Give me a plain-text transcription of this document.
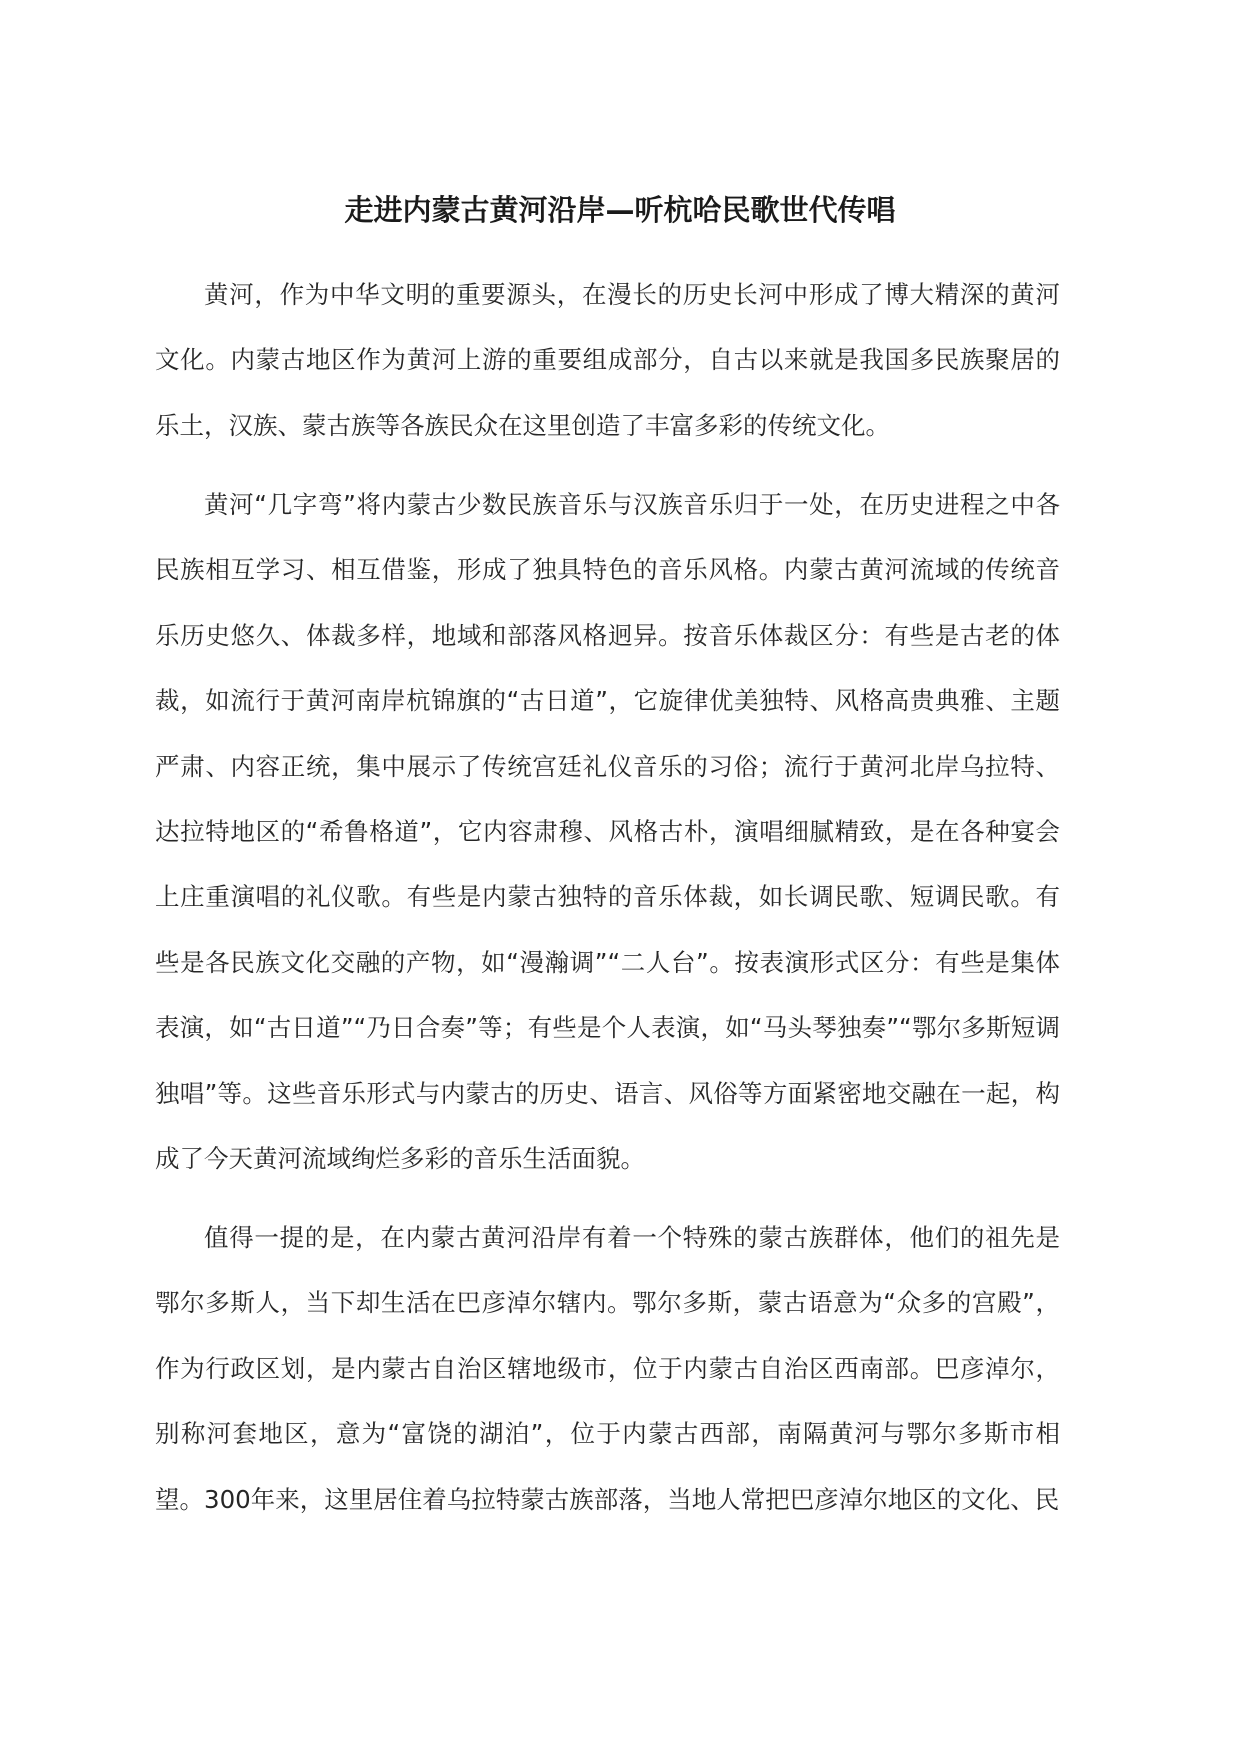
走进内蒙古黄河沿岸—听杭哈民歌世代传唱

黄河，作为中华文明的重要源头，在漫长的历史长河中形成了博大精深的黄河文化。内蒙古地区作为黄河上游的重要组成部分，自古以来就是我国多民族聚居的乐土，汉族、蒙古族等各族民众在这里创造了丰富多彩的传统文化。

黄河“几字弯”将内蒙古少数民族音乐与汉族音乐归于一处，在历史进程之中各民族相互学习、相互借鉴，形成了独具特色的音乐风格。内蒙古黄河流域的传统音乐历史悠久、体裁多样，地域和部落风格迥异。按音乐体裁区分：有些是古老的体裁，如流行于黄河南岸杭锦旗的“古日道”，它旋律优美独特、风格高贵典雅、主题严肃、内容正统，集中展示了传统宫廷礼仪音乐的习俗；流行于黄河北岸乌拉特、达拉特地区的“希鲁格道”，它内容肃穆、风格古朴，演唱细腻精致，是在各种宴会上庄重演唱的礼仪歌。有些是内蒙古独特的音乐体裁，如长调民歌、短调民歌。有些是各民族文化交融的产物，如“漫瀚调”“二人台”。按表演形式区分：有些是集体表演，如“古日道”“乃日合奏”等；有些是个人表演，如“马头琴独奏”“鄂尔多斯短调独唱”等。这些音乐形式与内蒙古的历史、语言、风俗等方面紧密地交融在一起，构成了今天黄河流域绚烂多彩的音乐生活面貌。

值得一提的是，在内蒙古黄河沿岸有着一个特殊的蒙古族群体，他们的祖先是鄂尔多斯人，当下却生活在巴彦淖尔辖内。鄂尔多斯，蒙古语意为“众多的宫殿”，作为行政区划，是内蒙古自治区辖地级市，位于内蒙古自治区西南部。巴彦淖尔，别称河套地区，意为“富饶的湖泊”，位于内蒙古西部，南隔黄河与鄂尔多斯市相望。300年来，这里居住着乌拉特蒙古族部落，当地人常把巴彦淖尔地区的文化、民
